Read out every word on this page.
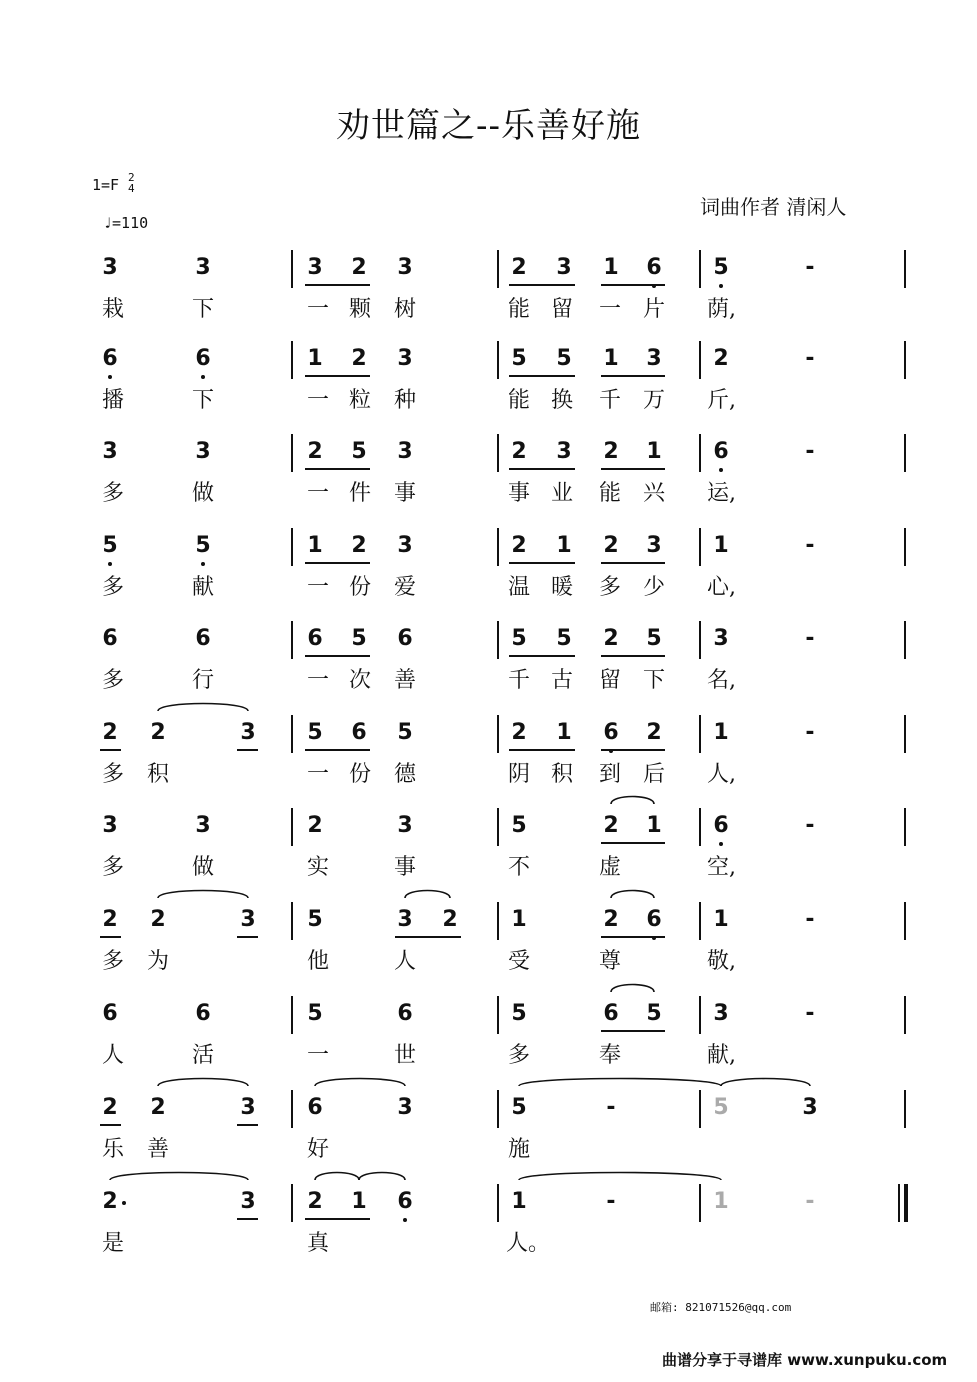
劝世篇之--乐善好施
1=F 2
4
♩=110
词曲作者 清闲人
3	3	3	2	3	2	3	1	6	5	-
栽	下	一 颗	树	能 留	一 片	荫,
6	6	1	2	3	5	5	1	3	2	-
播	下	一 粒	种	能 换	千 万	斤,
3	3	2	5	3	2	3	2	1	6	-
多	做	一 件	事	事 业	能 兴	运,
5	5	1	2	3	2	1	2	3	1	-
多	献	一 份	爱	温 暖	多 少	心,
6	6	6	5	6	5	5	2	5	3	-
多	行	一 次	善	千 古	留 下	名,
2	2	3	5	6	5	2	1	6	2	1	-
多	积	一 份	德	阴 积	到 后	人,
3	3	2	3	5	2	1	6	-
多	做	实	事	不	虚	空,
2	2	3	5	3	2	1	2	6	1	-
多	为	他	人	受	尊	敬,
6	6	5	6	5	6	5	3	-
人	活	一	世	多	奉	献,
2	2	3	6	3	5	-	5	3
乐	善	好	施
2	3	2	1	6	1	-	1	-
是	真	人。
邮箱: 821071526@qq.com
曲谱分享于寻谱库 www.xunpuku.com
